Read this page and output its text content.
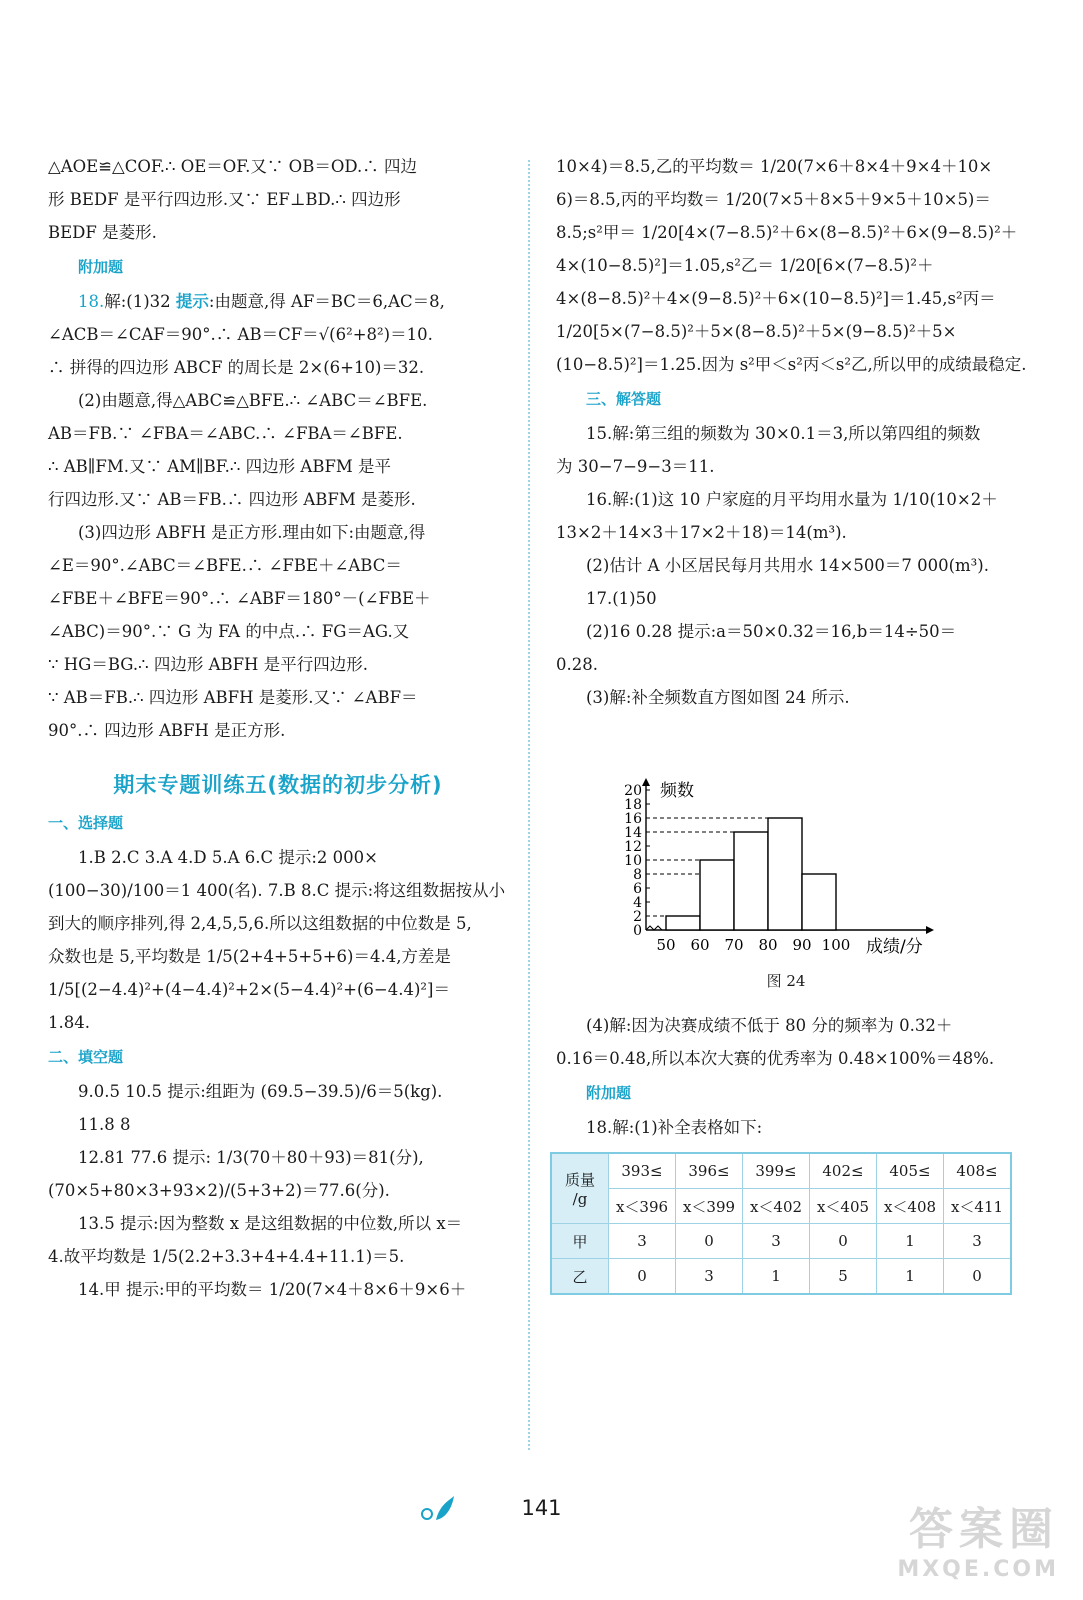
△AOE≌△COF.∴ OE＝OF.又∵ OB＝OD.∴ 四边
形 BEDF 是平行四边形.又∵ EF⊥BD.∴ 四边形
BEDF 是菱形.
附加题
18.解:(1)32 提示:由题意,得 AF＝BC＝6,AC＝8,
∠ACB＝∠CAF＝90°.∴ AB＝CF＝√(6²+8²)＝10.
∴ 拼得的四边形 ABCF 的周长是 2×(6+10)＝32.
(2)由题意,得△ABC≌△BFE.∴ ∠ABC＝∠BFE.
AB＝FB.∵ ∠FBA＝∠ABC.∴ ∠FBA＝∠BFE.
∴ AB∥FM.又∵ AM∥BF.∴ 四边形 ABFM 是平
行四边形.又∵ AB＝FB.∴ 四边形 ABFM 是菱形.
(3)四边形 ABFH 是正方形.理由如下:由题意,得
∠E＝90°.∠ABC＝∠BFE.∴ ∠FBE＋∠ABC＝
∠FBE＋∠BFE＝90°.∴ ∠ABF＝180°－(∠FBE＋
∠ABC)＝90°.∵ G 为 FA 的中点.∴ FG＝AG.又
∵ HG＝BG.∴ 四边形 ABFH 是平行四边形.
∵ AB＝FB.∴ 四边形 ABFH 是菱形.又∵ ∠ABF＝
90°.∴ 四边形 ABFH 是正方形.
期末专题训练五(数据的初步分析)
一、选择题
1.B 2.C 3.A 4.D 5.A 6.C 提示:2 000×
(100−30)/100＝1 400(名). 7.B 8.C 提示:将这组数据按从小
到大的顺序排列,得 2,4,5,5,6.所以这组数据的中位数是 5,
众数也是 5,平均数是 1/5(2+4+5+5+6)＝4.4,方差是
1/5[(2−4.4)²+(4−4.4)²+2×(5−4.4)²+(6−4.4)²]＝
1.84.
二、填空题
9.0.5 10.5 提示:组距为 (69.5−39.5)/6＝5(kg).
11.8 8
12.81 77.6 提示: 1/3(70＋80＋93)＝81(分),
(70×5+80×3+93×2)/(5+3+2)＝77.6(分).
13.5 提示:因为整数 x 是这组数据的中位数,所以 x＝
4.故平均数是 1/5(2.2+3.3+4+4.4+11.1)＝5.
14.甲 提示:甲的平均数＝ 1/20(7×4＋8×6＋9×6＋
10×4)＝8.5,乙的平均数＝ 1/20(7×6＋8×4＋9×4＋10×
6)＝8.5,丙的平均数＝ 1/20(7×5＋8×5＋9×5＋10×5)＝
8.5;s²甲＝ 1/20[4×(7−8.5)²＋6×(8−8.5)²＋6×(9−8.5)²＋
4×(10−8.5)²]＝1.05,s²乙＝ 1/20[6×(7−8.5)²＋
4×(8−8.5)²＋4×(9−8.5)²＋6×(10−8.5)²]＝1.45,s²丙＝
1/20[5×(7−8.5)²＋5×(8−8.5)²＋5×(9−8.5)²＋5×
(10−8.5)²]＝1.25.因为 s²甲＜s²丙＜s²乙,所以甲的成绩最稳定.
三、解答题
15.解:第三组的频数为 30×0.1＝3,所以第四组的频数
为 30−7−9−3＝11.
16.解:(1)这 10 户家庭的月平均用水量为 1/10(10×2＋
13×2＋14×3＋17×2＋18)＝14(m³).
(2)估计 A 小区居民每月共用水 14×500＝7 000(m³).
17.(1)50
(2)16 0.28 提示:a＝50×0.32＝16,b＝14÷50＝
0.28.
(3)解:补全频数直方图如图 24 所示.
0
2
4
6
8
10
12
14
16
18
20 频数
50 60 70 80 90 100 成绩/分
图 24
(4)解:因为决赛成绩不低于 80 分的频率为 0.32＋
0.16＝0.48,所以本次大赛的优秀率为 0.48×100%＝48%.
附加题
18.解:(1)补全表格如下:
质量
/g	393≤	396≤	399≤	402≤	405≤	408≤
	x＜396	x＜399	x＜402	x＜405	x＜408	x＜411
甲	3	0	3	0	1	3
乙	0	3	1	5	1	0
141	答案圈
MXQE.COM
